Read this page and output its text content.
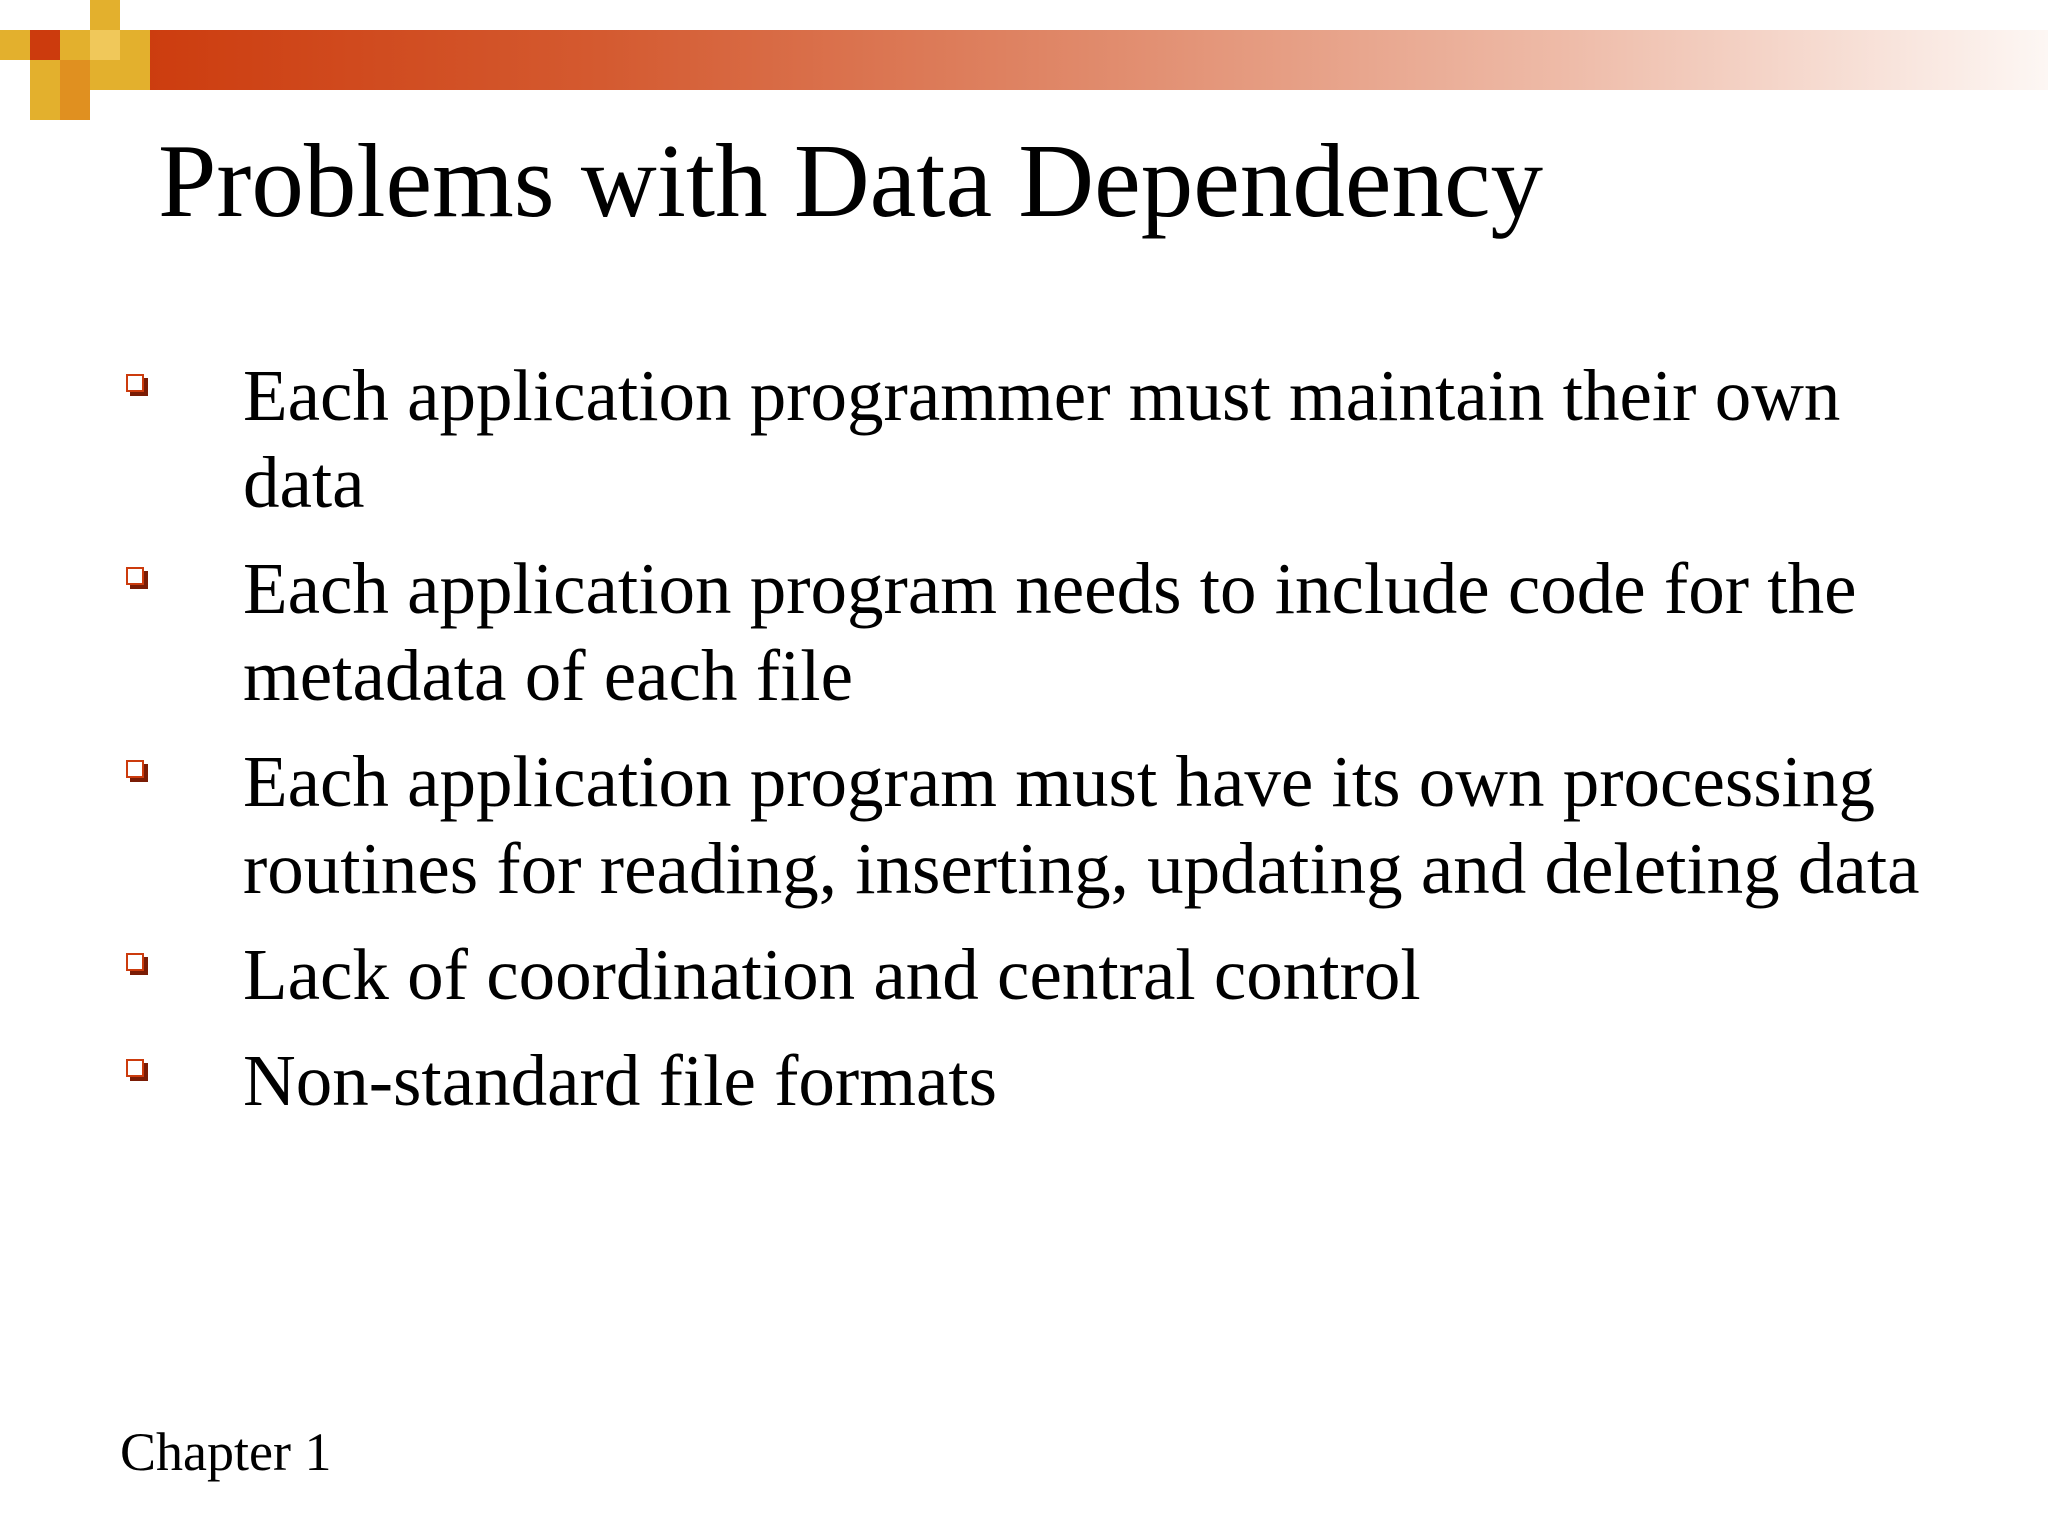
Problems with Data Dependency
Each application programmer must maintain their own data
Each application program needs to include code for the metadata of each file
Each application program must have its own processing routines for reading, inserting, updating and deleting data
Lack of coordination and central control
Non-standard file formats
Chapter 1
